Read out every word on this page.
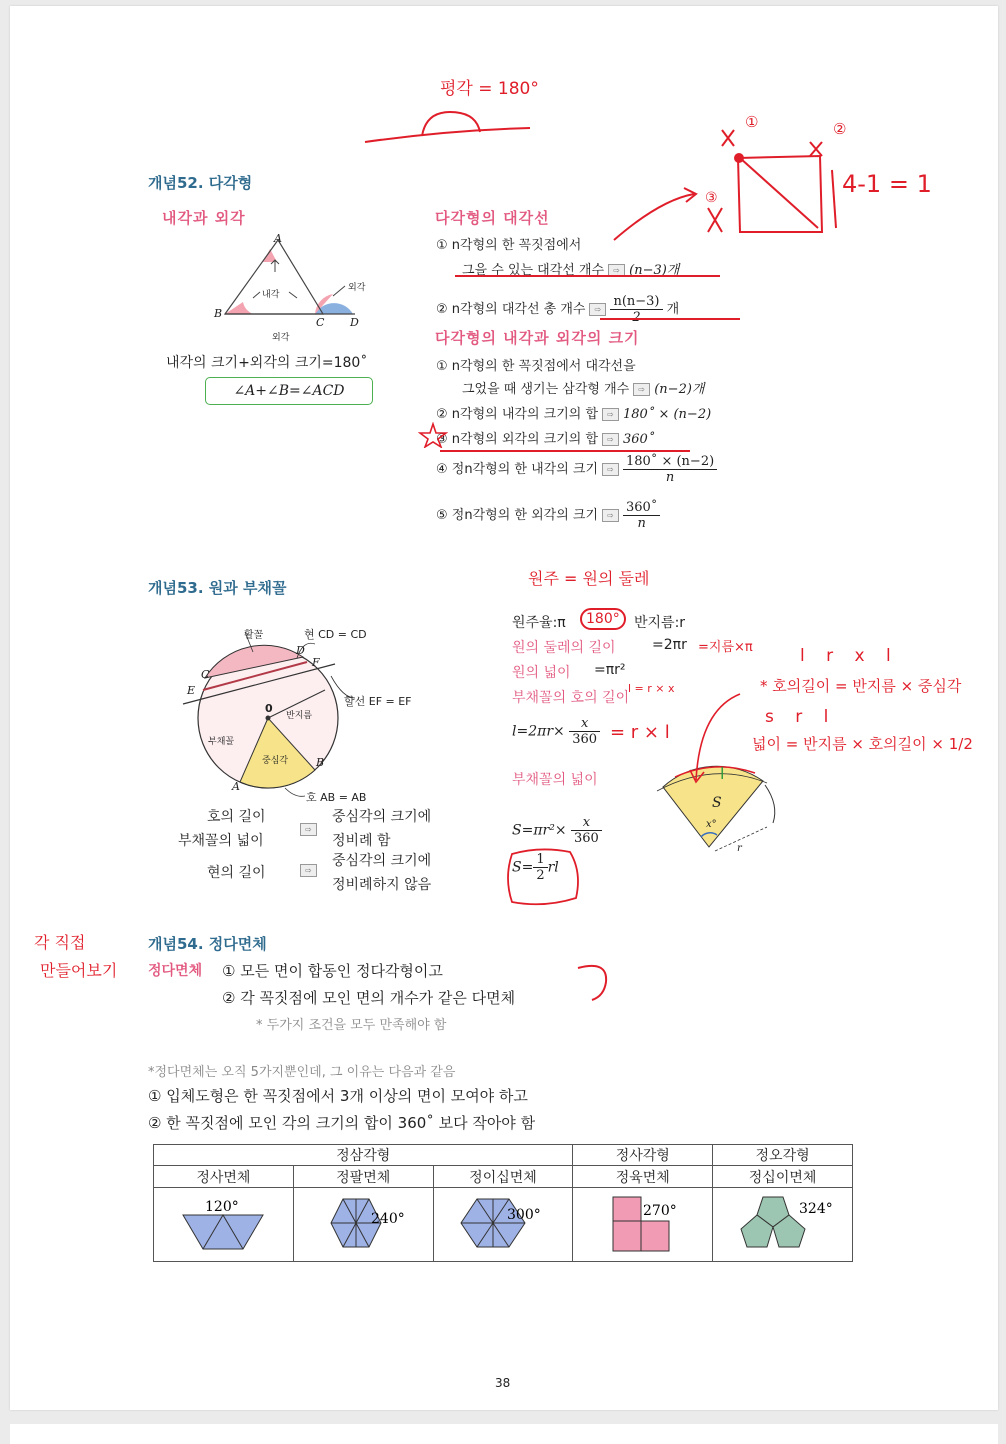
평각 = 180°
①	②
③	4-1 = 1
개념52. 다각형
내각과 외각
A
B
C D
내각
외각
외각
내각의 크기+외각의 크기=180˚
∠A+∠B=∠ACD
다각형의 대각선
① n각형의 한 꼭짓점에서
그을 수 있는 대각선 개수 ⇨ (n−3)개
② n각형의 대각선 총 개수 ⇨ $\frac{n(n-3)}{2}$ 개
다각형의 내각과 외각의 크기
① n각형의 한 꼭짓점에서 대각선을
그었을 때 생기는 삼각형 개수 ⇨ (n−2)개
② n각형의 내각의 크기의 합 ⇨ 180˚ × (n−2)
③ n각형의 외각의 크기의 합 ⇨ 360˚
④ 정n각형의 한 내각의 크기 ⇨ $\frac{180˚ \times (n-2)}{n}$
⑤ 정n각형의 한 외각의 크기 ⇨ $\frac{360˚}{n}$
개념53. 원과 부채꼴
활꼴	현 CD = CD
할선 EF = EF
반지름
부채꼴
중심각
호 AB = AB
0
A
B
C
D
E
F
호의 길이
부채꼴의 넓이
⇨
중심각의 크기에
정비례 함
현의 길이	⇨
중심각의 크기에
정비례하지 않음
원주 = 원의 둘레
원주율:π	180°	반지름:r
원의 둘레의 길이	=2πr =지름×π
원의 넓이 =πr²
부채꼴의 호의 길이
$l=2\pi r\times \frac{x}{360} = r \times l$
부채꼴의 넓이
$S=\pi r^2\times \frac{x}{360}$
$S= \frac{1}{2}$ rl
S
x°
r
l
l r x l
* 호의길이 = 반지름 × 중심각
s r l
넓이 = 반지름 × 호의길이 × 1/2
l = r × x
각 직접
만들어보기
개념54. 정다면체
정다면체 ① 모든 면이 합동인 정다각형이고
② 각 꼭짓점에 모인 면의 개수가 같은 다면체
* 두가지 조건을 모두 만족해야 함
*정다면체는 오직 5가지뿐인데, 그 이유는 다음과 같음
① 입체도형은 한 꼭짓점에서 3개 이상의 면이 모여야 하고
② 한 꼭짓점에 모인 각의 크기의 합이 360˚ 보다 작아야 함
정삼각형			정사각형	정오각형
정사면체	정팔면체	정이십면체	정육면체	정십이면체

120°	240°	300°	270°	324°
38
